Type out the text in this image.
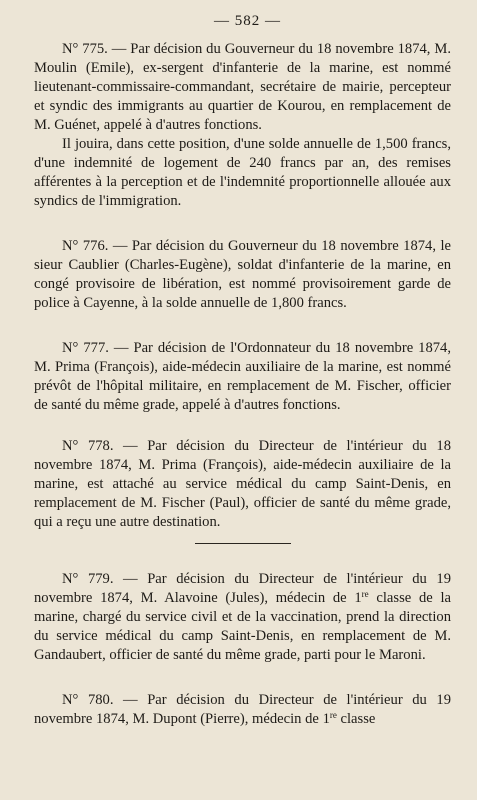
— 582 —

N° 775. — Par décision du Gouverneur du 18 novembre 1874, M. Moulin (Emile), ex-sergent d'infanterie de la marine, est nommé lieutenant-commissaire-commandant, secrétaire de mairie, percepteur et syndic des immigrants au quartier de Kourou, en remplacement de M. Guénet, appelé à d'autres fonctions.

Il jouira, dans cette position, d'une solde annuelle de 1,500 francs, d'une indemnité de logement de 240 francs par an, des remises afférentes à la perception et de l'indemnité proportionnelle allouée aux syndics de l'immigration.

N° 776. — Par décision du Gouverneur du 18 novembre 1874, le sieur Caublier (Charles-Eugène), soldat d'infanterie de la marine, en congé provisoire de libération, est nommé provisoirement garde de police à Cayenne, à la solde annuelle de 1,800 francs.

N° 777. — Par décision de l'Ordonnateur du 18 novembre 1874, M. Prima (François), aide-médecin auxiliaire de la marine, est nommé prévôt de l'hôpital militaire, en remplacement de M. Fischer, officier de santé du même grade, appelé à d'autres fonctions.

N° 778. — Par décision du Directeur de l'intérieur du 18 novembre 1874, M. Prima (François), aide-médecin auxiliaire de la marine, est attaché au service médical du camp Saint-Denis, en remplacement de M. Fischer (Paul), officier de santé du même grade, qui a reçu une autre destination.

N° 779. — Par décision du Directeur de l'intérieur du 19 novembre 1874, M. Alavoine (Jules), médecin de 1re classe de la marine, chargé du service civil et de la vaccination, prend la direction du service médical du camp Saint-Denis, en remplacement de M. Gandaubert, officier de santé du même grade, parti pour le Maroni.

N° 780. — Par décision du Directeur de l'intérieur du 19 novembre 1874, M. Dupont (Pierre), médecin de 1re classe
